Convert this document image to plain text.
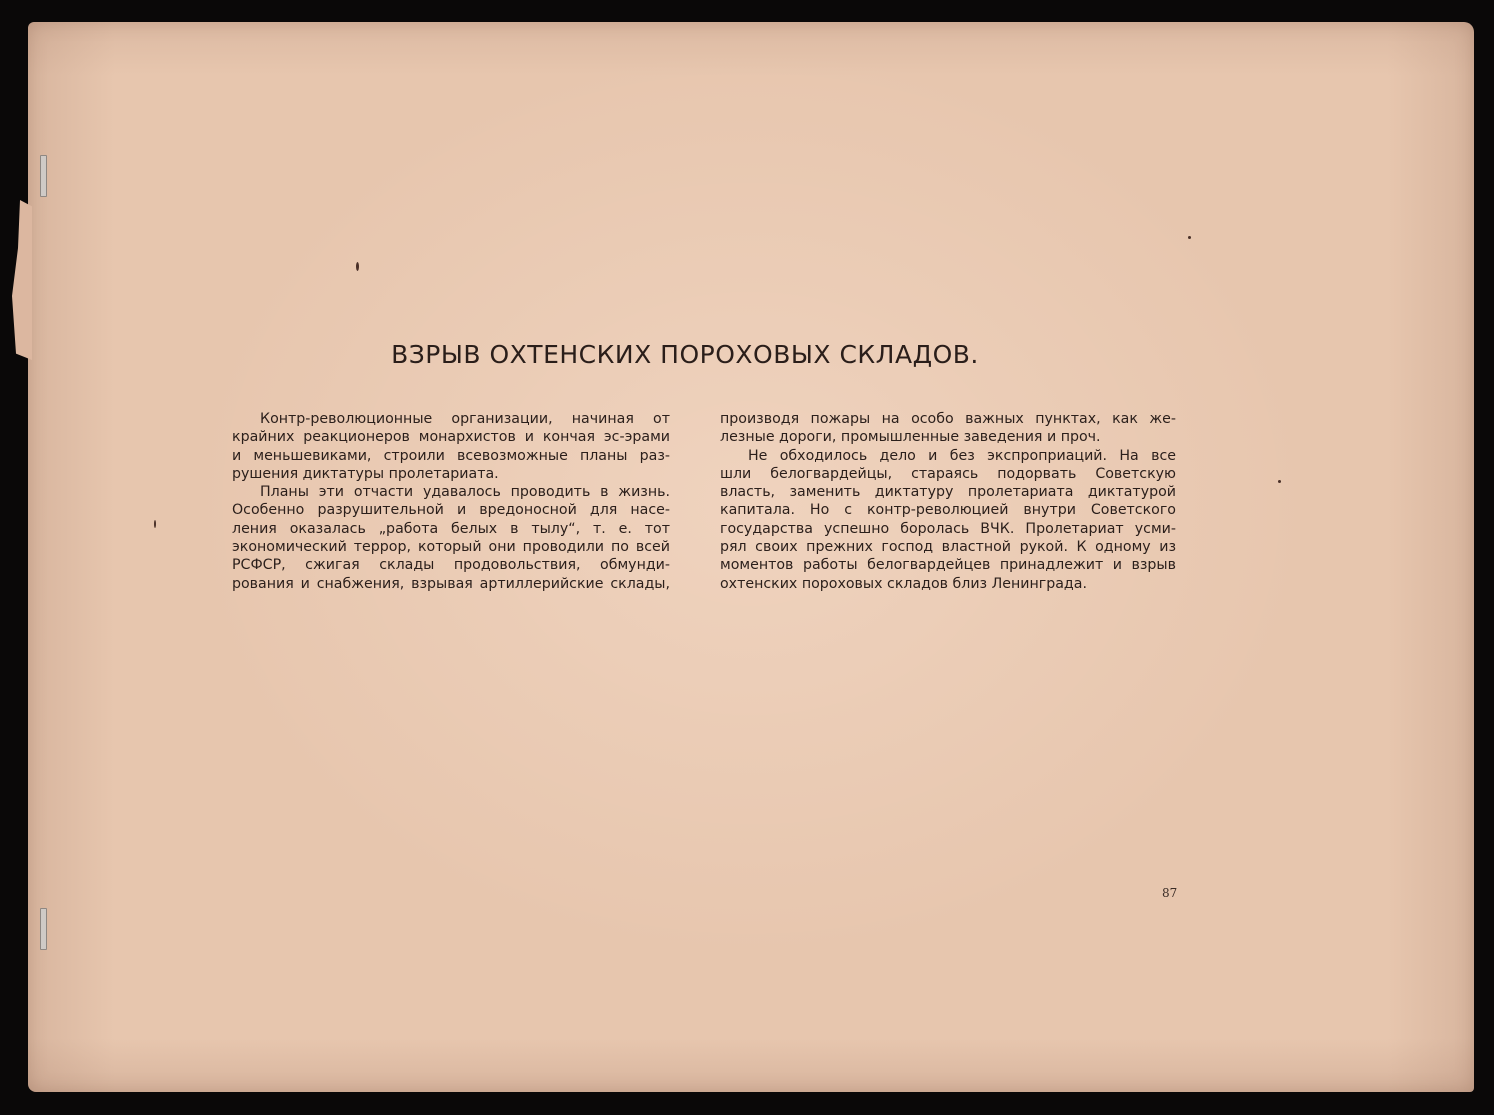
ВЗРЫВ ОХТЕНСКИХ ПОРОХОВЫХ СКЛАДОВ.

Контр-революционные организации, начиная от
крайних реакционеров монархистов и кончая эс-эрами
и меньшевиками, строили всевозможные планы раз-
рушения диктатуры пролетариата.

Планы эти отчасти удавалось проводить в жизнь.
Особенно разрушительной и вредоносной для насе-
ления оказалась „работа белых в тылу“, т. е. тот
экономический террор, который они проводили по всей
РСФСР, сжигая склады продовольствия, обмунди-
рования и снабжения, взрывая артиллерийские склады,

производя пожары на особо важных пунктах, как же-
лезные дороги, промышленные заведения и проч.

Не обходилось дело и без экспроприаций. На все
шли белогвардейцы, стараясь подорвать Советскую
власть, заменить диктатуру пролетариата диктатурой
капитала. Но с контр-революцией внутри Советского
государства успешно боролась ВЧК. Пролетариат усми-
рял своих прежних господ властной рукой. К одному из
моментов работы белогвардейцев принадлежит и взрыв
охтенских пороховых складов близ Ленинграда.

87
